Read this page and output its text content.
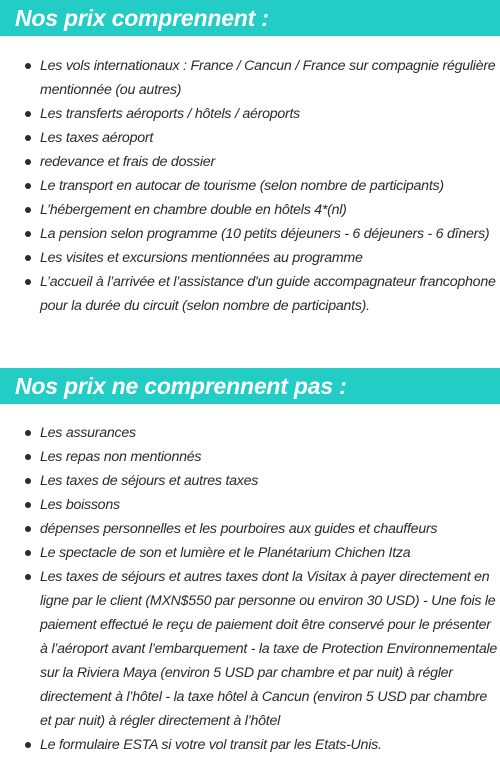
Nos prix comprennent :
Les vols internationaux : France / Cancun / France sur compagnie régulière mentionnée (ou autres)
Les transferts aéroports / hôtels / aéroports
Les taxes aéroport
redevance et frais de dossier
Le transport en autocar de tourisme (selon nombre de participants)
L’hébergement en chambre double en hôtels 4*(nl)
La pension selon programme (10 petits déjeuners - 6 déjeuners - 6 dîners)
Les visites et excursions mentionnées au programme
L’accueil à l’arrivée et l’assistance d'un guide accompagnateur francophone pour la durée du circuit (selon nombre de participants).
Nos prix ne comprennent pas :
Les assurances
Les repas non mentionnés
Les taxes de séjours et autres taxes
Les boissons
dépenses personnelles et les pourboires aux guides et chauffeurs
Le spectacle de son et lumière et le Planétarium Chichen Itza
Les taxes de séjours et autres taxes dont la Visitax à payer directement en ligne par le client (MXN$550 par personne ou environ 30 USD) - Une fois le paiement effectué le reçu de paiement doit être conservé pour le présenter à l’aéroport avant l’embarquement - la taxe de Protection Environnementale sur la Riviera Maya (environ 5 USD par chambre et par nuit) à régler directement à l’hôtel - la taxe hôtel à Cancun (environ 5 USD par chambre et par nuit) à régler directement à l’hôtel
Le formulaire ESTA si votre vol transit par les Etats-Unis.
